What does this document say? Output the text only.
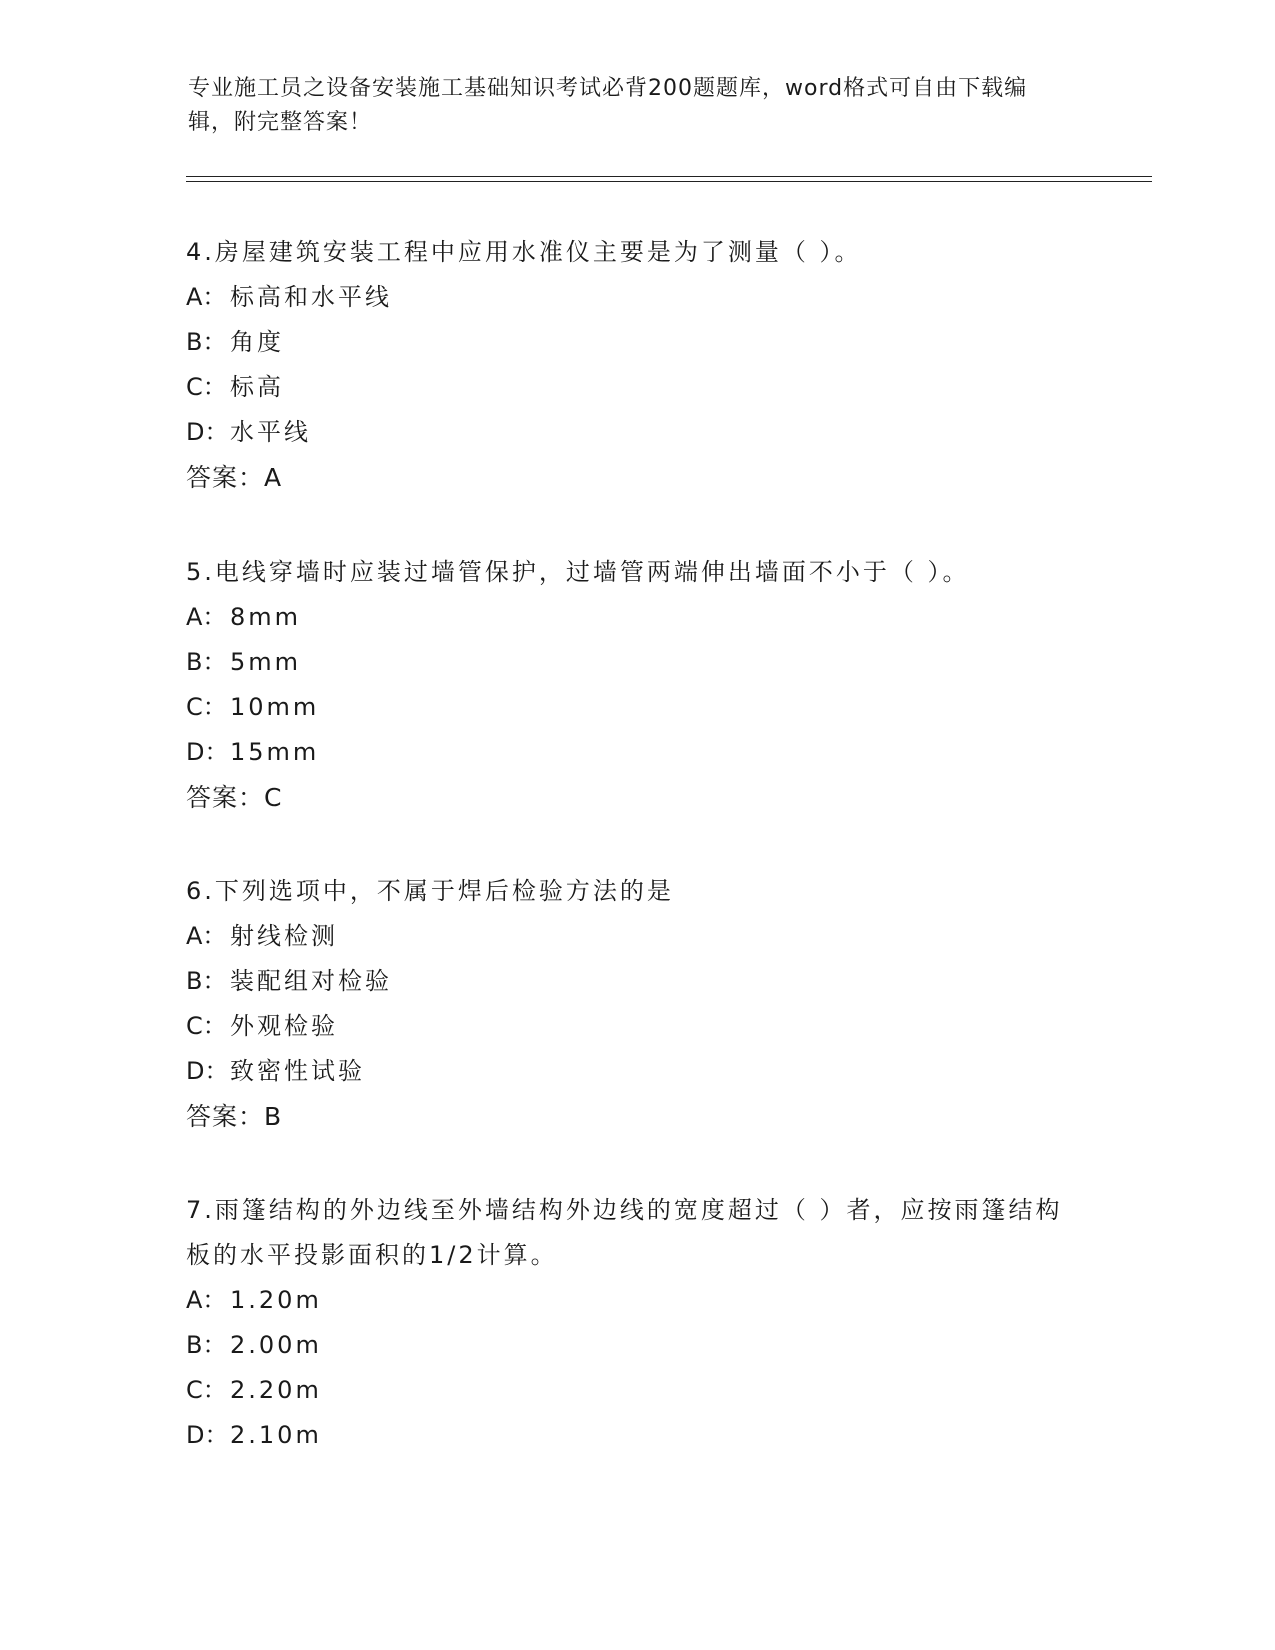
专业施工员之设备安装施工基础知识考试必背200题题库，word格式可自由下载编辑，附完整答案！

4.房屋建筑安装工程中应用水准仪主要是为了测量（ ）。

A： 标高和水平线

B： 角度

C： 标高

D：水平线

答案：A

5.电线穿墙时应装过墙管保护，过墙管两端伸出墙面不小于（ ）。

A： 8mm

B： 5mm

C： 10mm

D：15mm

答案：C

6.下列选项中，不属于焊后检验方法的是

A： 射线检测

B： 装配组对检验

C： 外观检验

D：致密性试验

答案：B

7.雨篷结构的外边线至外墙结构外边线的宽度超过（ ）者，应按雨篷结构板的水平投影面积的1/2计算。

A： 1.20m

B： 2.00m

C： 2.20m

D：2.10m
